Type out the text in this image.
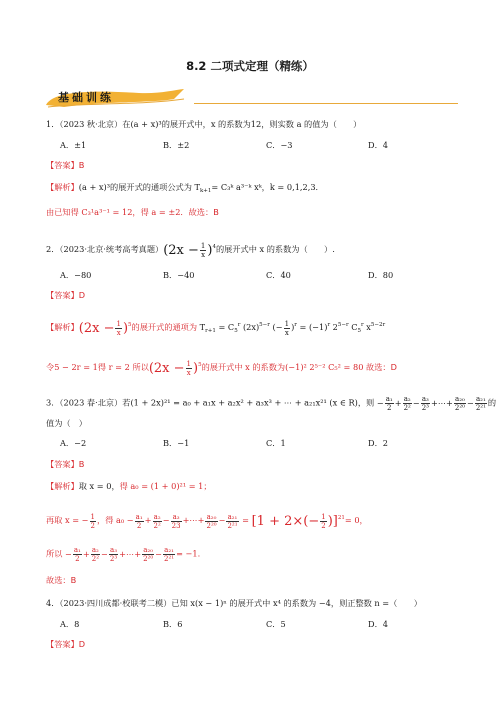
8.2 二项式定理（精练）
基础训练
1．（2023 秋·北京）在(a + x)³的展开式中，x 的系数为12，则实数 a 的值为（　　）
A．±1	B．±2	C．−3	D．4
【答案】B
【解析】(a + x)³的展开式的通项公式为 $T_{k+1}=$ C₃ᵏ a³⁻ᵏ xᵏ，k = 0,1,2,3．
由已知得 C₃¹a³⁻¹ = 12，得 a = ±2．故选：B
2．（2023·北京·统考高考真题）$(2x - \frac{1}{x} )^4$的展开式中 x 的系数为（　　）.
A．−80	B．−40	C．40	D．80
【答案】D
【解析】$(2x - \frac{1}{x} )^5$的展开式的通项为 $T_{r+1} = C_5^r$ $(2x)^{5-r}$ (− $\frac{1}{x} )^r = (-1)^r$ $2^{5-r}$ $C_5^r$ $x^{5-2r}$
令5 − 2r = 1得 r = 2 所以$(2x - \frac{1}{x} )^5$的展开式中 x 的系数为(−1)² 2⁵⁻² C₅² = 80 故选：D
3．（2023 春·北京）若(1 + 2x)²¹ = a₀ + a₁x + a₂x² + a₃x³ + ⋯ + a₂₁x²¹ (x ∈ R)，则 − $\frac{\text{a₁}}{2} + \frac{\text{a₂}}{\text{2²}} - \frac{\text{a₃}}{\text{2³}}$ +⋯+ $\frac{\text{a₂₀}}{\text{2²⁰}} - \frac{\text{a₂₁}}{\text{2²¹}}$ 的
值为（　）
A．−2	B．−1	C．1	D．2
【答案】B
【解析】取 x = 0，得 a₀ = (1 + 0)²¹ = 1；
再取 x = − $\frac{1}{2}$ ，得 $a_0 - \frac{\text{a₁}}{2} + \frac{\text{a₂}}{\text{2²}} - \frac{\text{a₃}}{23}$ +⋯+ $\frac{\text{a₂₀}}{\text{2²⁰}} - \frac{\text{a₂₁}}{\text{2²¹}} = [1 + 2\times(- \frac{1}{2} )]^{21}= 0$，
所以 − $\frac{\text{a₁}}{2} + \frac{\text{a₂}}{\text{2²}} - \frac{\text{a₃}}{\text{2³}}$ +⋯+ $\frac{\text{a₂₀}}{\text{2²⁰}} - \frac{\text{a₂₁}}{\text{2²¹}} = -1$.
故选：B
4．（2023·四川成都·校联考二模）已知 x(x − 1)ⁿ 的展开式中 x⁴ 的系数为 −4，则正整数 n =（　　）
A．8	B．6	C．5	D．4
【答案】D
